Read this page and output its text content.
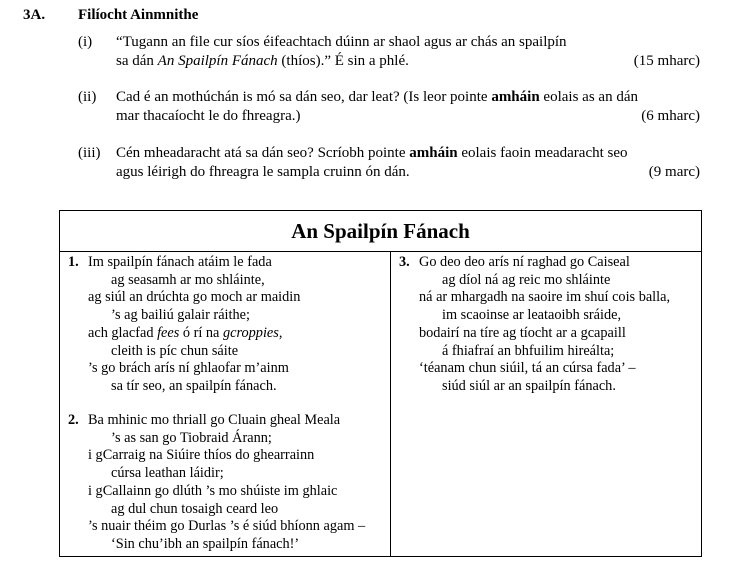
3A. Filíocht Ainmnithe
(i) “Tugann an file cur síos éifeachtach dúinn ar shaol agus ar chás an spailpín
sa dán An Spailpín Fánach (thíos).” É sin a phlé.	(15 mharc)
(ii) Cad é an mothúchán is mó sa dán seo, dar leat? (Is leor pointe amháin eolais as an dán
mar thacaíocht le do fhreagra.)	(6 mharc)
(iii) Cén mheadaracht atá sa dán seo? Scríobh pointe amháin eolais faoin meadaracht seo
agus léirigh do fhreagra le sampla cruinn ón dán.	(9 marc)
An Spailpín Fánach
1. Im spailpín fánach atáim le fada
ag seasamh ar mo shláinte,
ag siúl an drúchta go moch ar maidin
’s ag bailiú galair ráithe;
ach glacfad fees ó rí na gcroppies,
cleith is píc chun sáite
’s go brách arís ní ghlaofar m’ainm
sa tír seo, an spailpín fánach.
2. Ba mhinic mo thriall go Cluain gheal Meala
’s as san go Tiobraid Árann;
i gCarraig na Siúire thíos do ghearrainn
cúrsa leathan láidir;
i gCallainn go dlúth ’s mo shúiste im ghlaic
ag dul chun tosaigh ceard leo
’s nuair théim go Durlas ’s é siúd bhíonn agam –
‘Sin chu’ibh an spailpín fánach!’
3. Go deo deo arís ní raghad go Caiseal
ag díol ná ag reic mo shláinte
ná ar mhargadh na saoire im shuí cois balla,
im scaoinse ar leataoibh sráide,
bodairí na tíre ag tíocht ar a gcapaill
á fhiafraí an bhfuilim hireálta;
‘téanam chun siúil, tá an cúrsa fada’ –
siúd siúl ar an spailpín fánach.
